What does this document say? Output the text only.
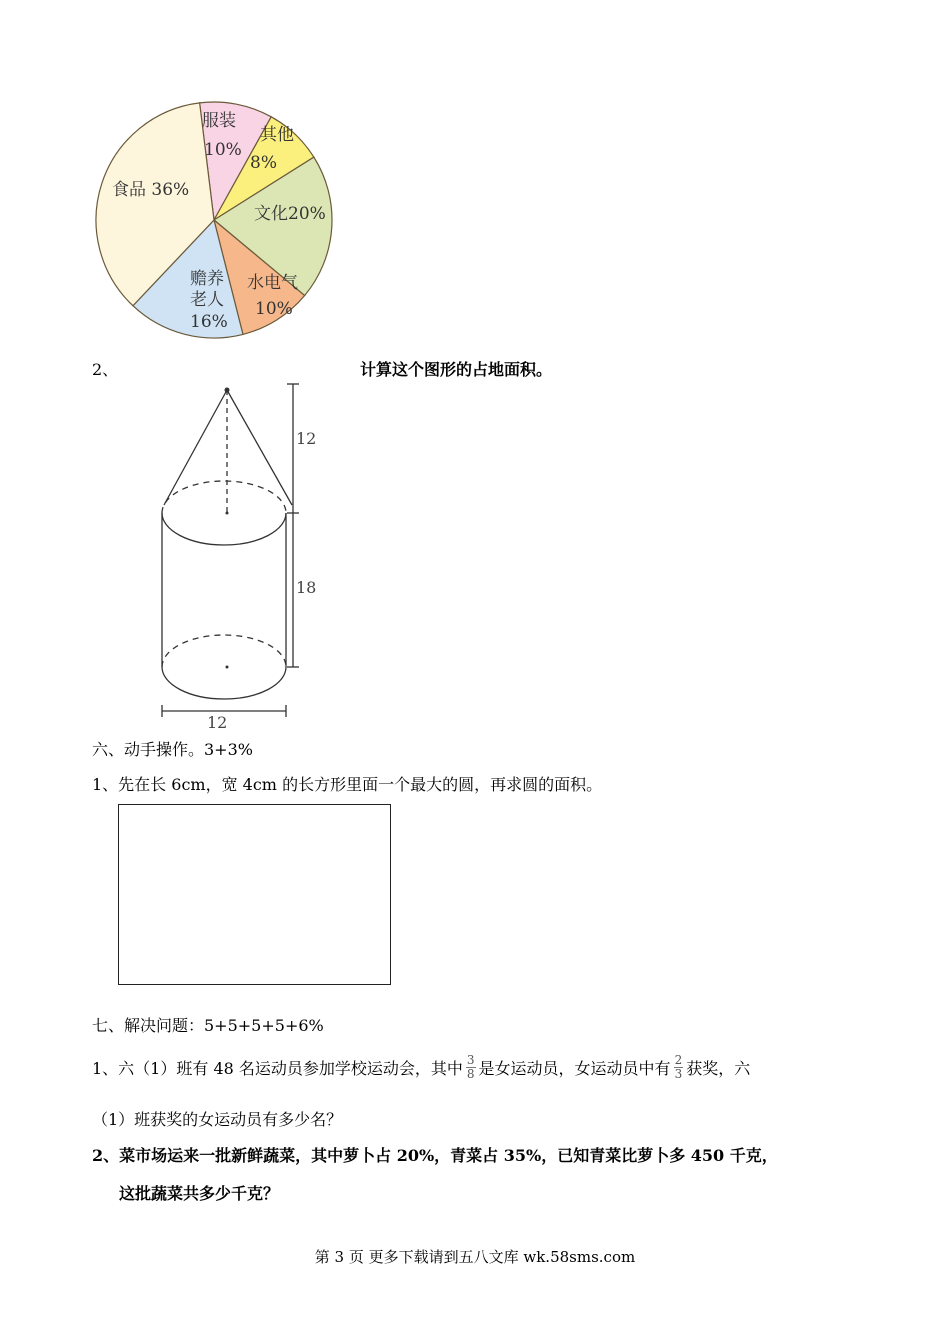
服装
10%
其他
8%
文化20%
食品 36%
水电气
10%
赡养
老人
16%
2、	计算这个图形的占地面积。
12
18
12
六、动手操作。3+3%
1、先在长 6cm，宽 4cm 的长方形里面一个最大的圆，再求圆的面积。
七、解决问题：5+5+5+5+6%
1、六（1）班有 48 名运动员参加学校运动会，其中 $\frac{3}{8}$ 是女运动员，女运动员中有 $\frac{2}{3}$ 获奖，六
（1）班获奖的女运动员有多少名？
2、菜市场运来一批新鲜蔬菜，其中萝卜占 20%，青菜占 35%，已知青菜比萝卜多 450 千克，
这批蔬菜共多少千克？
第 3 页 更多下载请到五八文库 wk.58sms.com
